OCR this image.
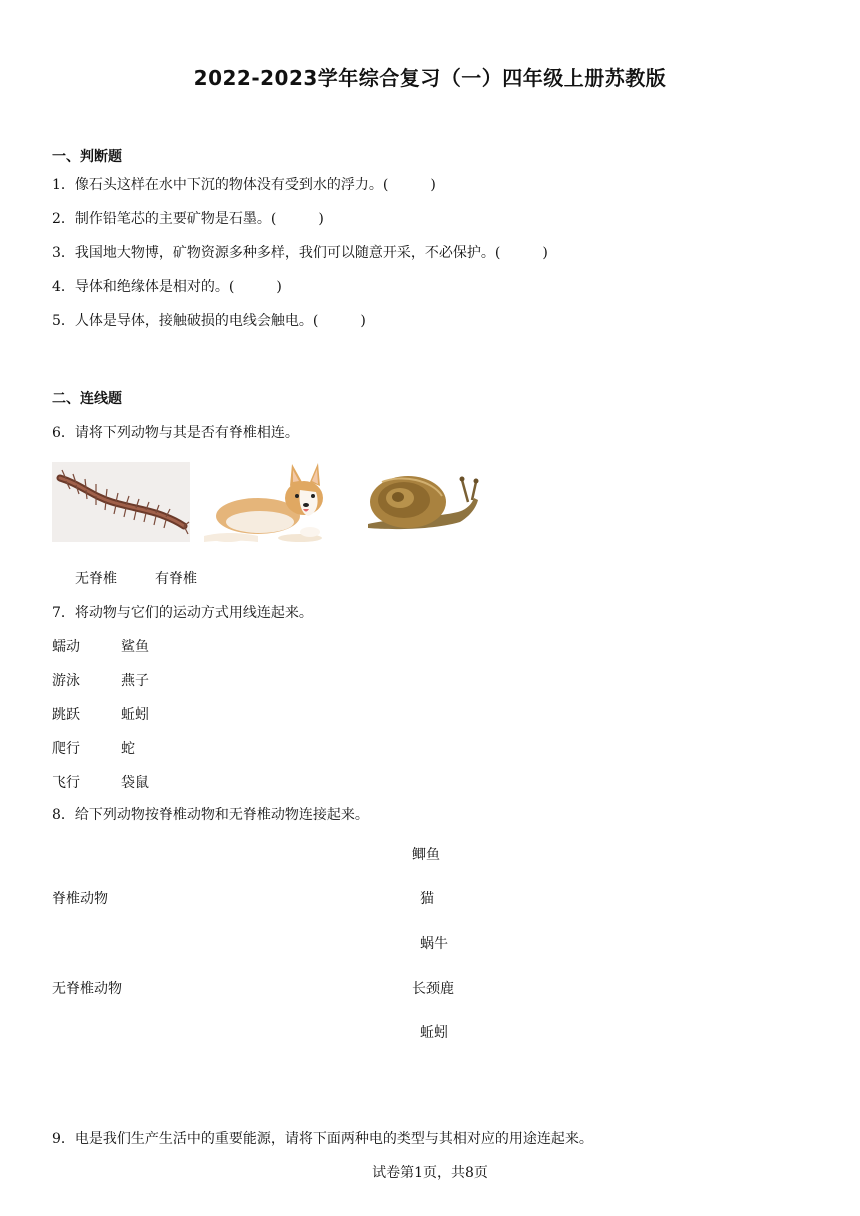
2022-2023学年综合复习（一）四年级上册苏教版
一、判断题
1．像石头这样在水中下沉的物体没有受到水的浮力。(　　　)
2．制作铅笔芯的主要矿物是石墨。(　　　)
3．我国地大物博，矿物资源多种多样，我们可以随意开采，不必保护。(　　　)
4．导体和绝缘体是相对的。(　　　)
5．人体是导体，接触破损的电线会触电。(　　　)
二、连线题
6．请将下列动物与其是否有脊椎相连。
无脊椎	有脊椎
7．将动物与它们的运动方式用线连起来。
蠕动
游泳
跳跃
爬行
飞行
鲨鱼
燕子
蚯蚓
蛇
袋鼠
8．给下列动物按脊椎动物和无脊椎动物连接起来。
脊椎动物
无脊椎动物
鲫鱼
猫
蜗牛
长颈鹿
蚯蚓
9．电是我们生产生活中的重要能源，请将下面两种电的类型与其相对应的用途连起来。
试卷第1页，共8页
